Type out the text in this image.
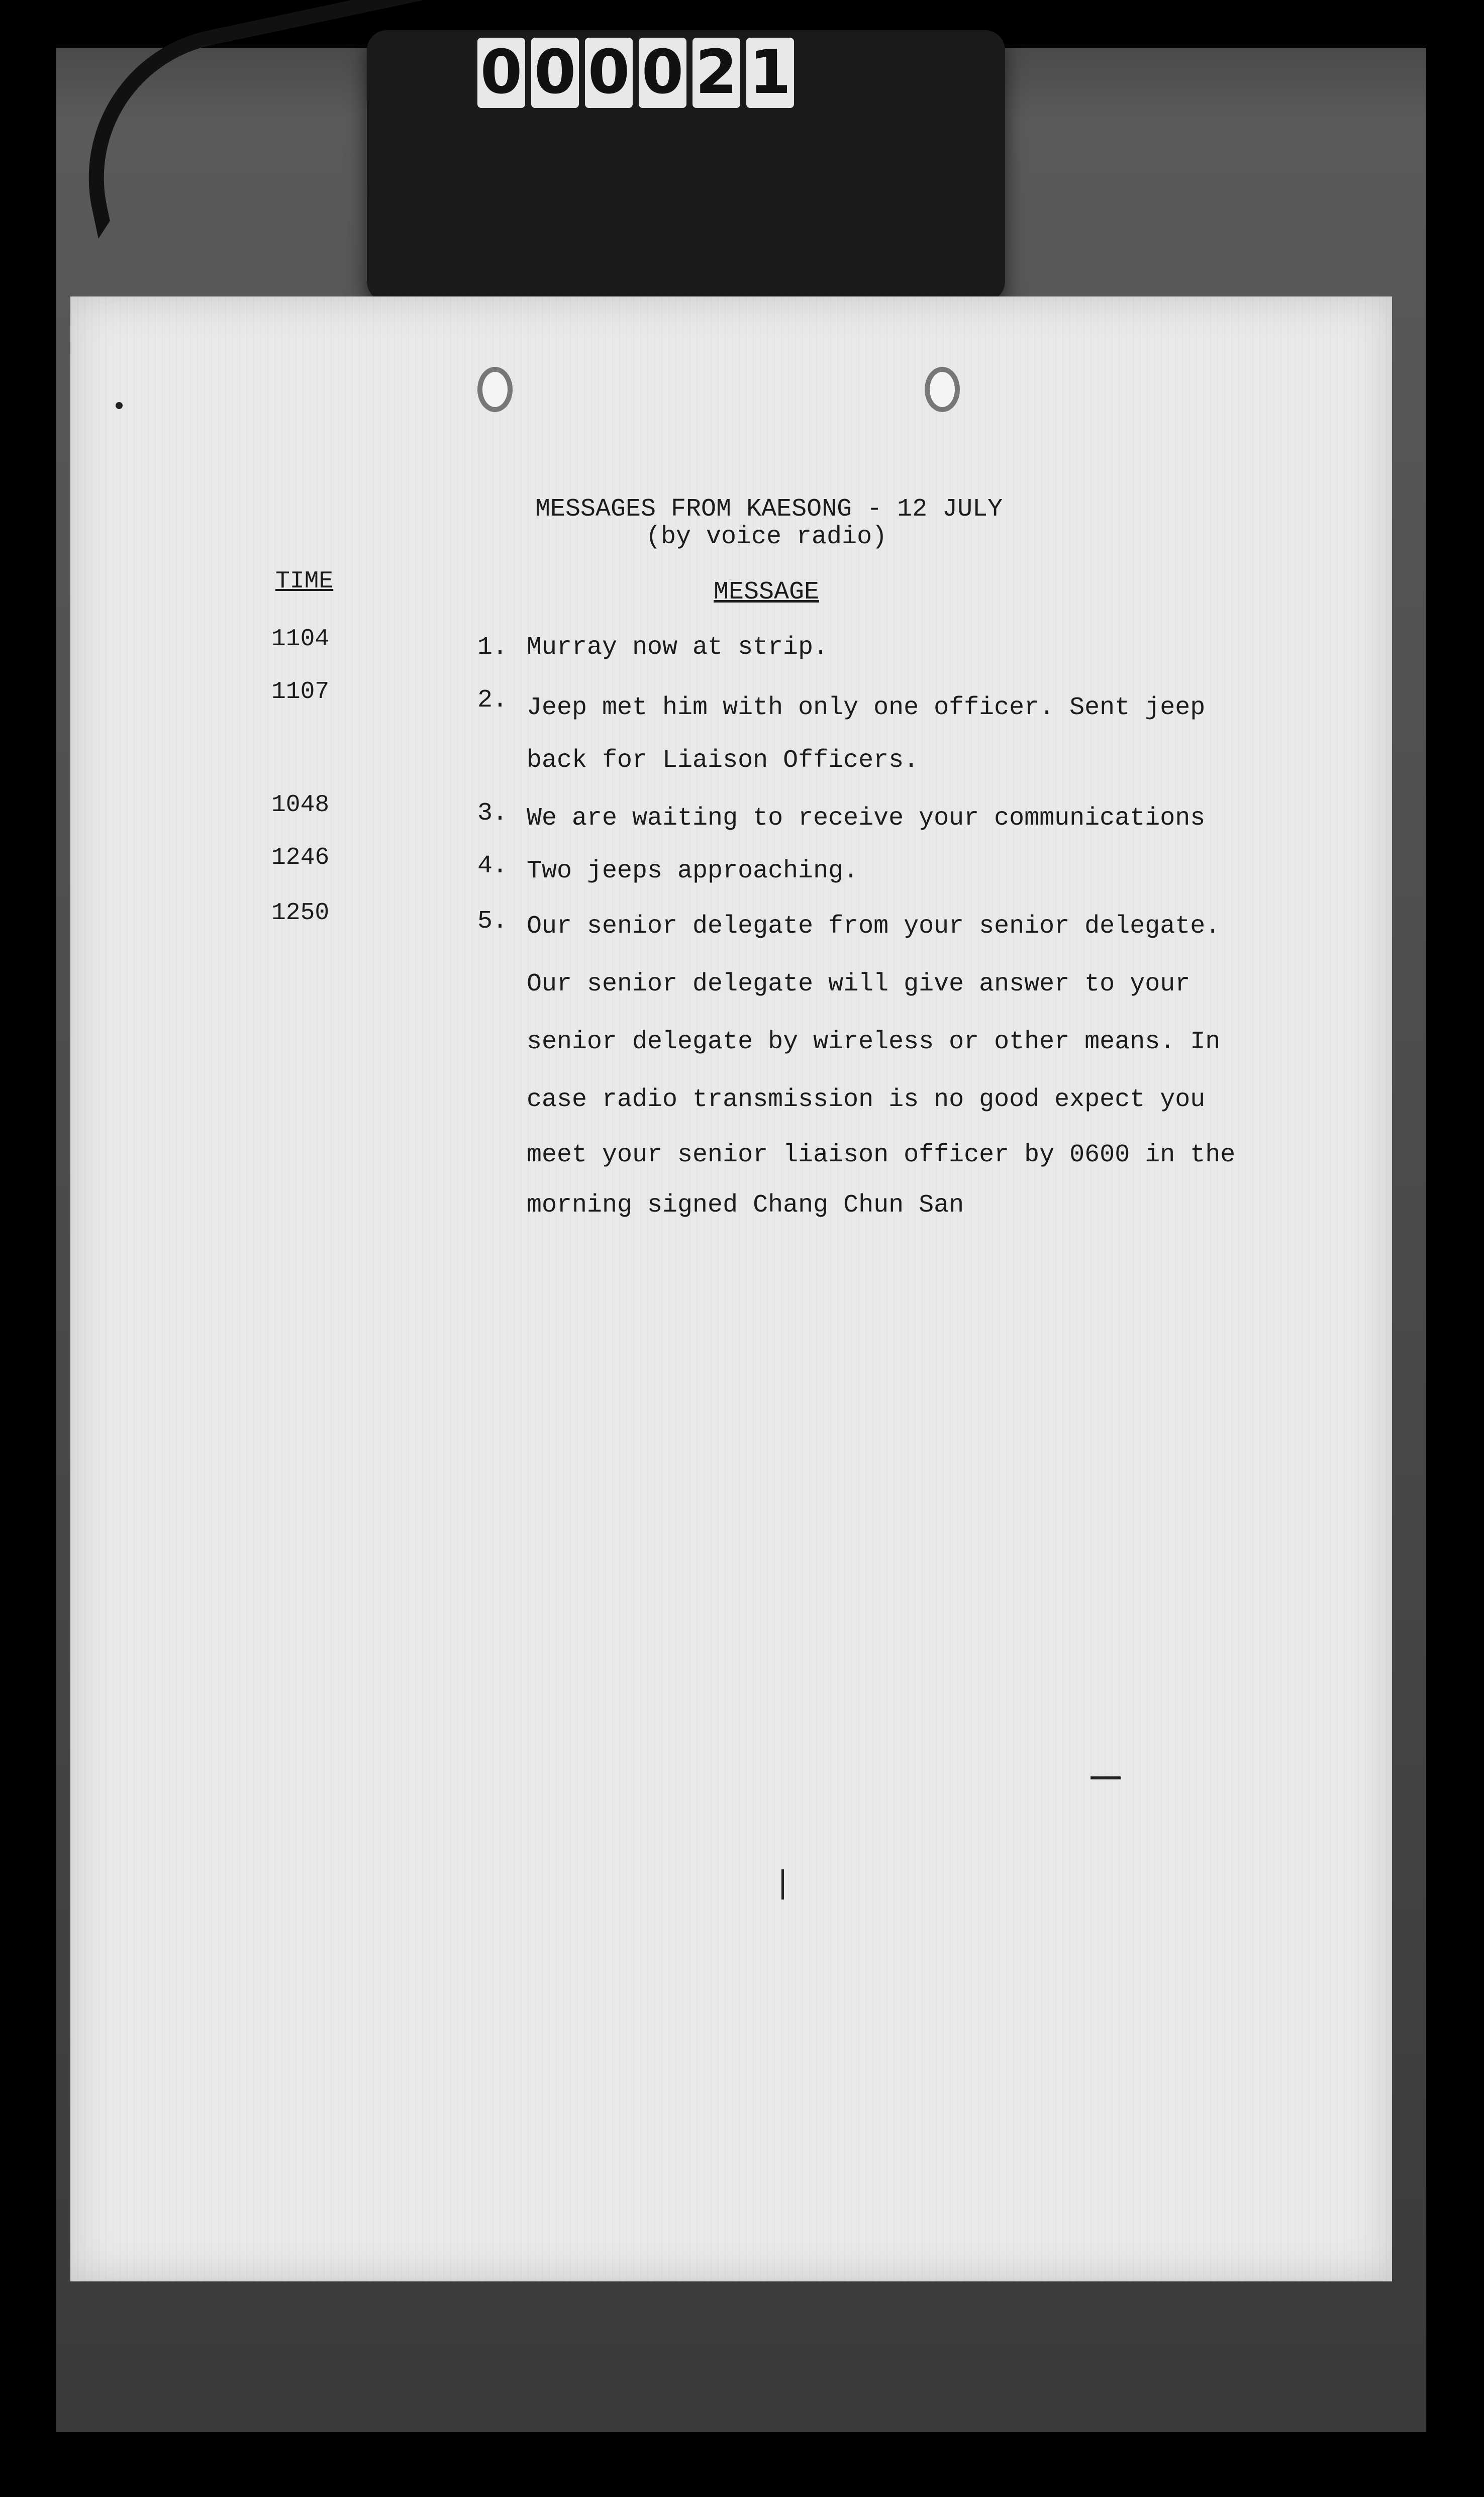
0 0 0 0 2 1
MESSAGES FROM KAESONG - 12 JULY
(by voice radio)
TIME	MESSAGE
1104	1. Murray now at strip.
1107	2. Jeep met him with only one officer. Sent jeep
back for Liaison Officers.
1048	3. We are waiting to receive your communications
1246	4. Two jeeps approaching.
1250	5. Our senior delegate from your senior delegate.
Our senior delegate will give answer to your
senior delegate by wireless or other means. In
case radio transmission is no good expect you
meet your senior liaison officer by 0600 in the
morning signed Chang Chun San
